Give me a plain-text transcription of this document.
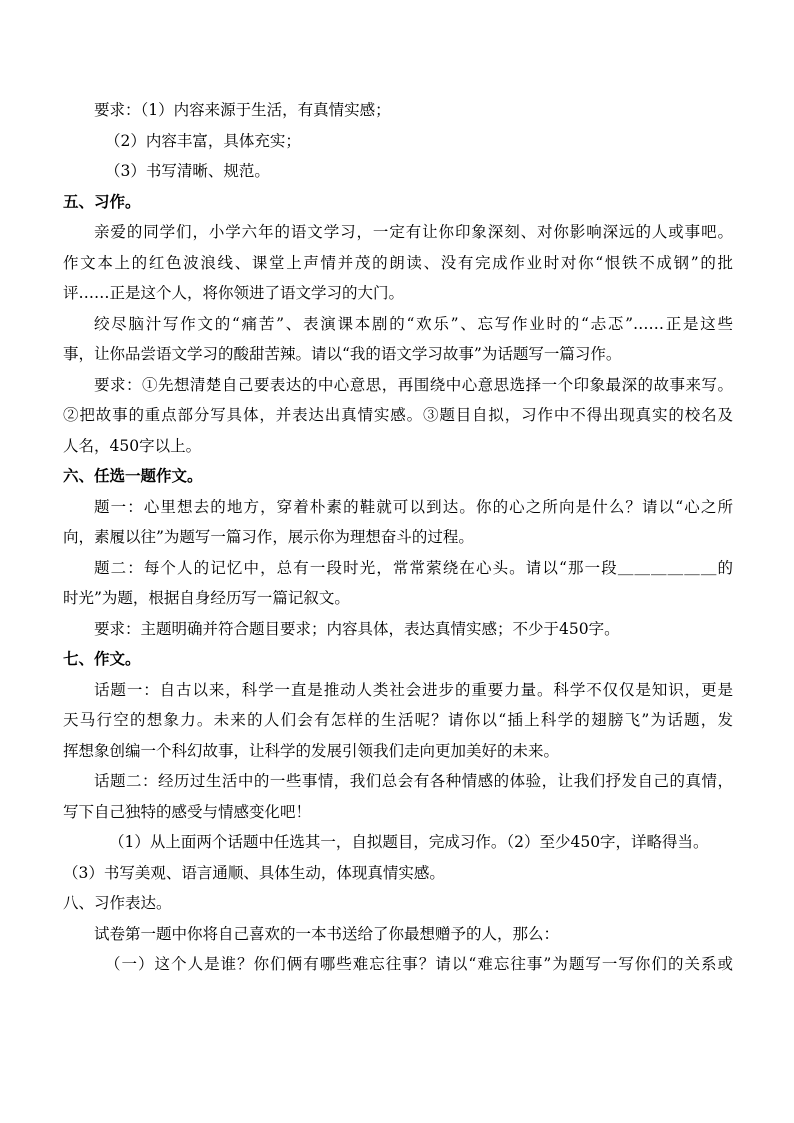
要求：（1）内容来源于生活，有真情实感；
（2）内容丰富，具体充实；
（3）书写清晰、规范。
五、习作。
亲爱的同学们，小学六年的语文学习，一定有让你印象深刻、对你影响深远的人或事吧。
作文本上的红色波浪线、课堂上声情并茂的朗读、没有完成作业时对你“恨铁不成钢”的批
评……正是这个人，将你领进了语文学习的大门。
绞尽脑汁写作文的“痛苦”、表演课本剧的“欢乐”、忘写作业时的“忐忑”……正是这些
事，让你品尝语文学习的酸甜苦辣。请以“我的语文学习故事”为话题写一篇习作。
要求：①先想清楚自己要表达的中心意思，再围绕中心意思选择一个印象最深的故事来写。
②把故事的重点部分写具体，并表达出真情实感。③题目自拟，习作中不得出现真实的校名及
人名，450字以上。
六、任选一题作文。
题一：心里想去的地方，穿着朴素的鞋就可以到达。你的心之所向是什么？请以“心之所
向，素履以往”为题写一篇习作，展示你为理想奋斗的过程。
题二：每个人的记忆中，总有一段时光，常常萦绕在心头。请以“那一段＿＿＿＿＿＿的
时光”为题，根据自身经历写一篇记叙文。
要求：主题明确并符合题目要求；内容具体，表达真情实感；不少于450字。
七、作文。
话题一：自古以来，科学一直是推动人类社会进步的重要力量。科学不仅仅是知识，更是
天马行空的想象力。未来的人们会有怎样的生活呢？请你以“插上科学的翅膀飞”为话题，发
挥想象创编一个科幻故事，让科学的发展引领我们走向更加美好的未来。
话题二：经历过生活中的一些事情，我们总会有各种情感的体验，让我们抒发自己的真情，
写下自己独特的感受与情感变化吧！
（1）从上面两个话题中任选其一，自拟题目，完成习作。（2）至少450字，详略得当。
（3）书写美观、语言通顺、具体生动，体现真情实感。
八、习作表达。
试卷第一题中你将自己喜欢的一本书送给了你最想赠予的人，那么：
（一）这个人是谁？你们俩有哪些难忘往事？请以“难忘往事”为题写一写你们的关系或
